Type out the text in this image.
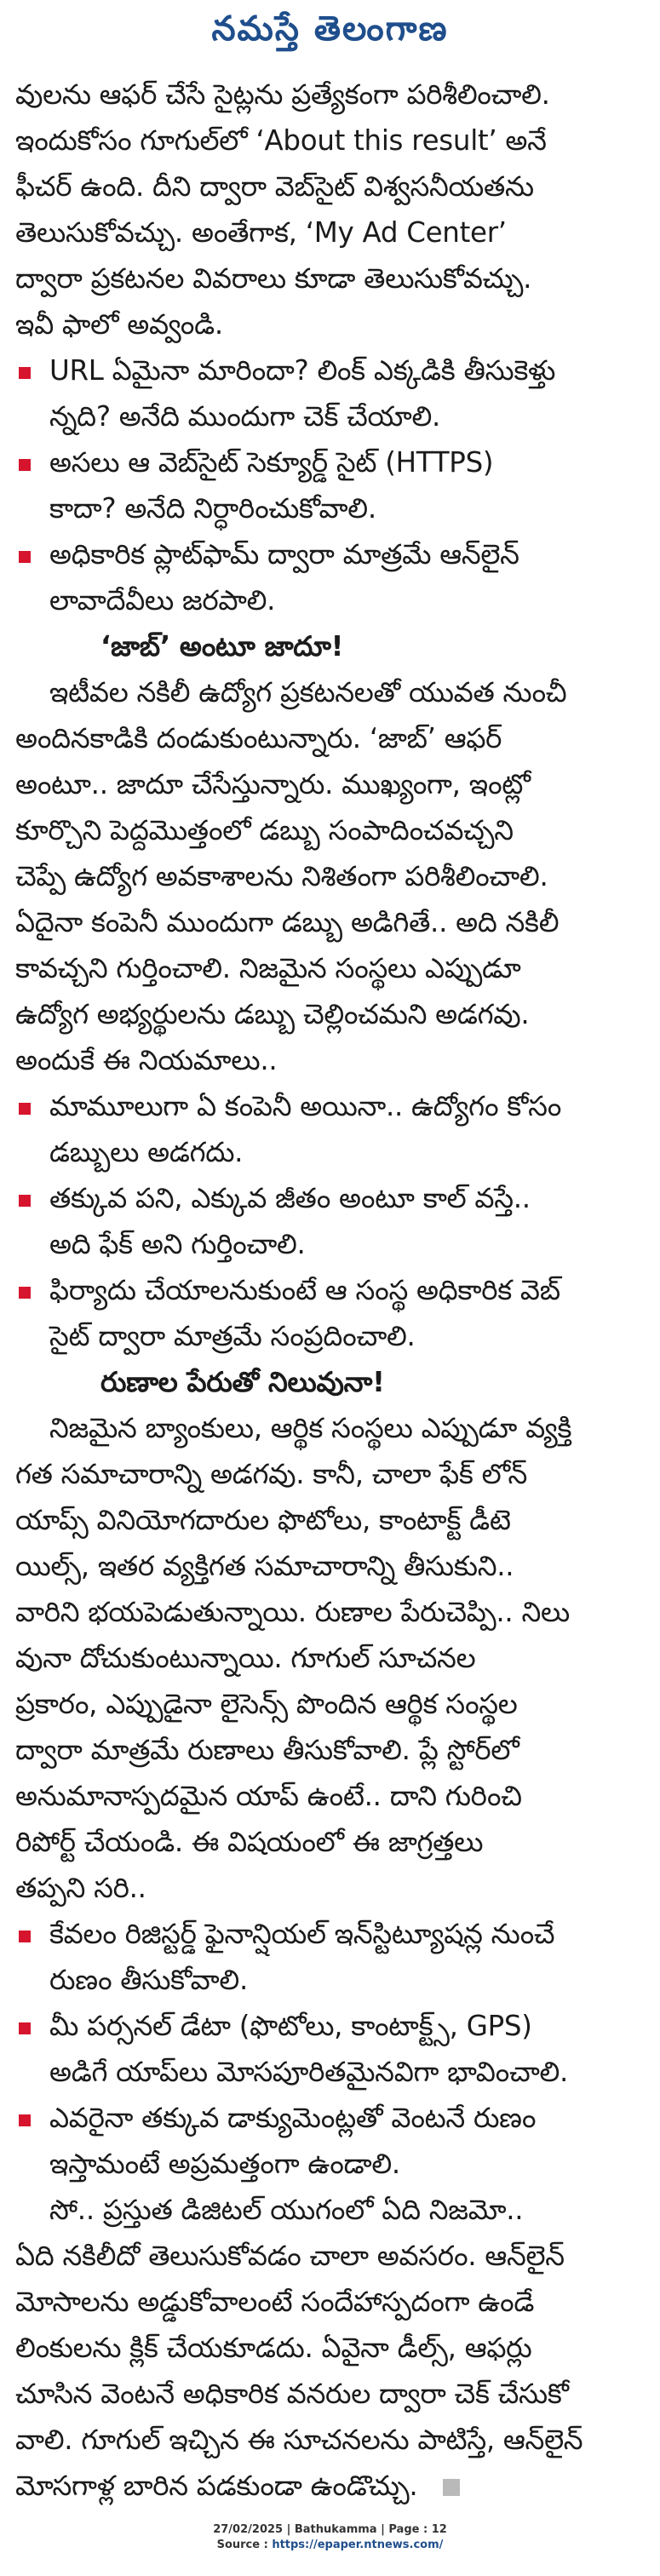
నమస్తే తెలంగాణ
వులను ఆఫర్ చేసే సైట్లను ప్రత్యేకంగా పరిశీలించాలి.
ఇందుకోసం గూగుల్‌లో ‘About this result’ అనే
ఫీచర్ ఉంది. దీని ద్వారా వెబ్‌సైట్ విశ్వసనీయతను
తెలుసుకోవచ్చు. అంతేగాక, ‘My Ad Center’
ద్వారా ప్రకటనల వివరాలు కూడా తెలుసుకోవచ్చు.
ఇవీ ఫాలో అవ్వండి.
URL ఏమైనా మారిందా? లింక్ ఎక్కడికి తీసుకెళ్తు
న్నది? అనేది ముందుగా చెక్ చేయాలి.
అసలు ఆ వెబ్‌సైట్ సెక్యూర్డ్ సైట్ (HTTPS)
కాదా? అనేది నిర్ధారించుకోవాలి.
అధికారిక ప్లాట్‌ఫామ్ ద్వారా మాత్రమే ఆన్‌లైన్
లావాదేవీలు జరపాలి.
‘జాబ్’ అంటూ జాదూ!
ఇటీవల నకిలీ ఉద్యోగ ప్రకటనలతో యువత నుంచీ
అందినకాడికి దండుకుంటున్నారు. ‘జాబ్’ ఆఫర్
అంటూ.. జాదూ చేసేస్తున్నారు. ముఖ్యంగా, ఇంట్లో
కూర్చొని పెద్దమొత్తంలో డబ్బు సంపాదించవచ్చని
చెప్పే ఉద్యోగ అవకాశాలను నిశితంగా పరిశీలించాలి.
ఏదైనా కంపెనీ ముందుగా డబ్బు అడిగితే.. అది నకిలీ
కావచ్చని గుర్తించాలి. నిజమైన సంస్థలు ఎప్పుడూ
ఉద్యోగ అభ్యర్థులను డబ్బు చెల్లించమని అడగవు.
అందుకే ఈ నియమాలు..
మామూలుగా ఏ కంపెనీ అయినా.. ఉద్యోగం కోసం
డబ్బులు అడగదు.
తక్కువ పని, ఎక్కువ జీతం అంటూ కాల్ వస్తే..
అది ఫేక్ అని గుర్తించాలి.
ఫిర్యాదు చేయాలనుకుంటే ఆ సంస్థ అధికారిక వెబ్
సైట్ ద్వారా మాత్రమే సంప్రదించాలి.
రుణాల పేరుతో నిలువునా!
నిజమైన బ్యాంకులు, ఆర్థిక సంస్థలు ఎప్పుడూ వ్యక్తి
గత సమాచారాన్ని అడగవు. కానీ, చాలా ఫేక్ లోన్
యాప్స్ వినియోగదారుల ఫొటోలు, కాంటాక్ట్ డీటె
యిల్స్, ఇతర వ్యక్తిగత సమాచారాన్ని తీసుకుని..
వారిని భయపెడుతున్నాయి. రుణాల పేరుచెప్పి.. నిలు
వునా దోచుకుంటున్నాయి. గూగుల్ సూచనల
ప్రకారం, ఎప్పుడైనా లైసెన్స్ పొందిన ఆర్థిక సంస్థల
ద్వారా మాత్రమే రుణాలు తీసుకోవాలి. ప్లే స్టోర్‌లో
అనుమానాస్పదమైన యాప్ ఉంటే.. దాని గురించి
రిపోర్ట్ చేయండి. ఈ విషయంలో ఈ జాగ్రత్తలు
తప్పని సరి..
కేవలం రిజిస్టర్డ్ ఫైనాన్షియల్ ఇన్‌స్టిట్యూషన్ల నుంచే
రుణం తీసుకోవాలి.
మీ పర్సనల్ డేటా (ఫొటోలు, కాంటాక్ట్స్, GPS)
అడిగే యాప్‌లు మోసపూరితమైనవిగా భావించాలి.
ఎవరైనా తక్కువ డాక్యుమెంట్లతో వెంటనే రుణం
ఇస్తామంటే అప్రమత్తంగా ఉండాలి.
సో.. ప్రస్తుత డిజిటల్ యుగంలో ఏది నిజమో..
ఏది నకిలీదో తెలుసుకోవడం చాలా అవసరం. ఆన్‌లైన్
మోసాలను అడ్డుకోవాలంటే సందేహాస్పదంగా ఉండే
లింకులను క్లిక్ చేయకూడదు. ఏవైనా డీల్స్, ఆఫర్లు
చూసిన వెంటనే అధికారిక వనరుల ద్వారా చెక్ చేసుకో
వాలి. గూగుల్ ఇచ్చిన ఈ సూచనలను పాటిస్తే, ఆన్‌లైన్
మోసగాళ్ల బారిన పడకుండా ఉండొచ్చు.
27/02/2025 | Bathukamma | Page : 12
Source : https://epaper.ntnews.com/
